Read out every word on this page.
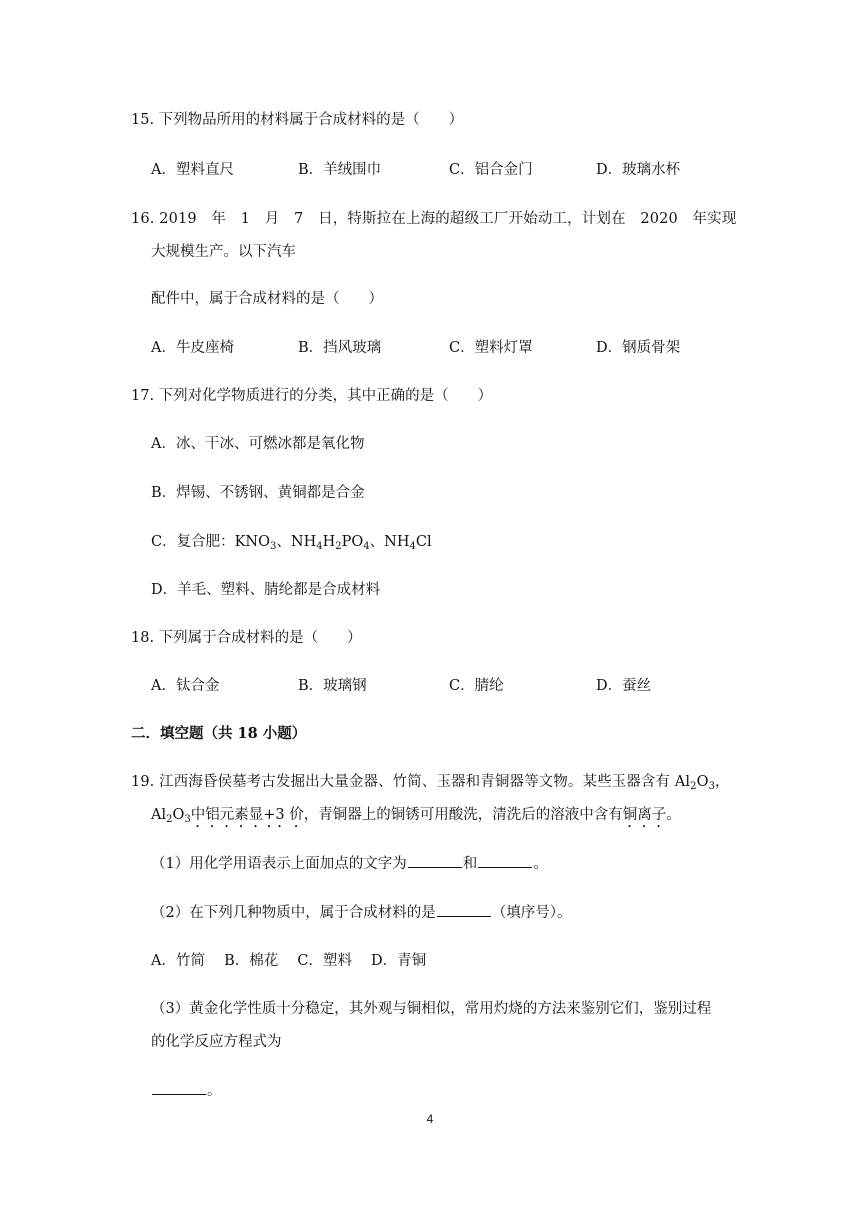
15. 下列物品所用的材料属于合成材料的是（　　）
A．塑料直尺	B．羊绒围巾	C．铝合金门	D．玻璃水杯
16. 2019　年　1　月　7　日，特斯拉在上海的超级工厂开始动工，计划在　2020　年实现
大规模生产。以下汽车
配件中，属于合成材料的是（　　）
A．牛皮座椅	B．挡风玻璃	C．塑料灯罩	D．钢质骨架
17. 下列对化学物质进行的分类，其中正确的是（　　）
A．冰、干冰、可燃冰都是氧化物
B．焊锡、不锈钢、黄铜都是合金
C．复合肥：$KNO_3$、$NH_4H_2PO_4$、$NH_4Cl$
D．羊毛、塑料、腈纶都是合成材料
18. 下列属于合成材料的是（　　）
A．钛合金	B．玻璃钢	C．腈纶	D．蚕丝
二．填空题（共 18 小题）
19. 江西海昏侯墓考古发掘出大量金器、竹简、玉器和青铜器等文物。某些玉器含有 $Al_2O_3$，
$Al_2O_3$中铝元素显+3 价，青铜器上的铜锈可用酸洗，清洗后的溶液中含有铜离子。
（1）用化学用语表示上面加点的文字为	和	。
（2）在下列几种物质中，属于合成材料的是	（填序号）。
A．竹简　 B．棉花　 C．塑料　 D．青铜
（3）黄金化学性质十分稳定，其外观与铜相似，常用灼烧的方法来鉴别它们，鉴别过程
的化学反应方程式为
。
4
